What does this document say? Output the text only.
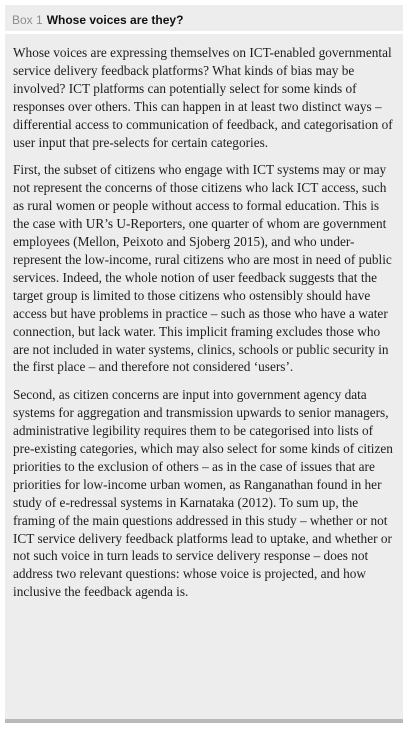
Box 1 Whose voices are they?

Whose voices are expressing themselves on ICT-enabled governmental service delivery feedback platforms? What kinds of bias may be involved? ICT platforms can potentially select for some kinds of responses over others. This can happen in at least two distinct ways – differential access to communication of feedback, and categorisation of user input that pre-selects for certain categories.

First, the subset of citizens who engage with ICT systems may or may not represent the concerns of those citizens who lack ICT access, such as rural women or people without access to formal education. This is the case with UR’s U-Reporters, one quarter of whom are government employees (Mellon, Peixoto and Sjoberg 2015), and who under-represent the low-income, rural citizens who are most in need of public services. Indeed, the whole notion of user feedback suggests that the target group is limited to those citizens who ostensibly should have access but have problems in practice – such as those who have a water connection, but lack water. This implicit framing excludes those who are not included in water systems, clinics, schools or public security in the first place – and therefore not considered ‘users’.

Second, as citizen concerns are input into government agency data systems for aggregation and transmission upwards to senior managers, administrative legibility requires them to be categorised into lists of pre-existing categories, which may also select for some kinds of citizen priorities to the exclusion of others – as in the case of issues that are priorities for low-income urban women, as Ranganathan found in her study of e-redressal systems in Karnataka (2012). To sum up, the framing of the main questions addressed in this study – whether or not ICT service delivery feedback platforms lead to uptake, and whether or not such voice in turn leads to service delivery response – does not address two relevant questions: whose voice is projected, and how inclusive the feedback agenda is.
